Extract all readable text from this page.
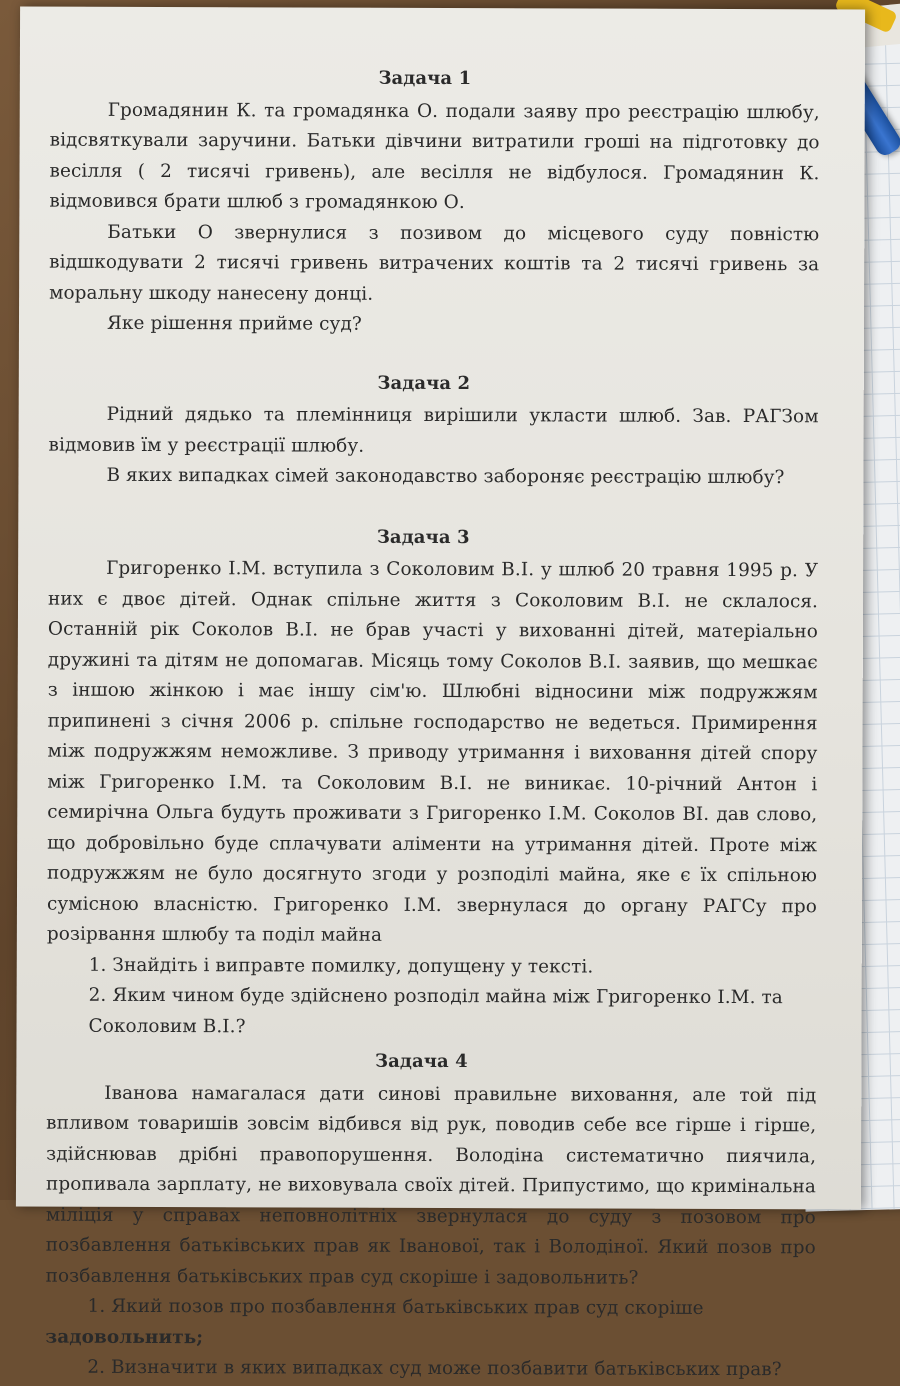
Задача 1

Громадянин К. та громадянка О. подали заяву про реєстрацію шлюбу, відсвяткували заручини. Батьки дівчини витратили гроші на підготовку до весілля ( 2 тисячі гривень), але весілля не відбулося. Громадянин К. відмовився брати шлюб з громадянкою О.

Батьки О звернулися з позивом до місцевого суду повністю відшкодувати 2 тисячі гривень витрачених коштів та 2 тисячі гривень за моральну шкоду нанесену донці.

Яке рішення прийме суд?

Задача 2

Рідний дядько та племінниця вирішили укласти шлюб. Зав. РАГЗом відмовив їм у реєстрації шлюбу.

В яких випадках сімей законодавство забороняє реєстрацію шлюбу?

Задача 3

Григоренко І.М. вступила з Соколовим В.І. у шлюб 20 травня 1995 р. У них є двоє дітей. Однак спільне життя з Соколовим В.І. не склалося. Останній рік Соколов В.І. не брав участі у вихованні дітей, матеріально дружині та дітям не допомагав. Місяць тому Соколов В.І. заявив, що мешкає з іншою жінкою і має іншу сім'ю. Шлюбні відносини між подружжям припинені з січня 2006 р. спільне господарство не ведеться. Примирення між подружжям неможливе. З приводу утримання і виховання дітей спору між Григоренко І.М. та Соколовим В.І. не виникає. 10-річний Антон і семирічна Ольга будуть проживати з Григоренко І.М. Соколов ВІ. дав слово, що добровільно буде сплачувати аліменти на утримання дітей. Проте між подружжям не було досягнуто згоди у розподілі майна, яке є їх спільною сумісною власністю. Григоренко І.М. звернулася до органу РАГСу про розірвання шлюбу та поділ майна

1. Знайдіть і виправте помилку, допущену у тексті.

2. Яким чином буде здійснено розподіл майна між Григоренко І.М. та Соколовим В.І.?

Задача 4

Іванова намагалася дати синові правильне виховання, але той під впливом товаришів зовсім відбився від рук, поводив себе все гірше і гірше, здійснював дрібні правопорушення. Володіна систематично пиячила, пропивала зарплату, не виховувала своїх дітей. Припустимо, що кримінальна міліція у справах неповнолітніх звернулася до суду з позовом про позбавлення батьківських прав як Іванової, так і Володіної. Який позов про позбавлення батьківських прав суд скоріше і задовольнить?

1. Який позов про позбавлення батьківських прав суд скоріше

задовольнить;

2. Визначити в яких випадках суд може позбавити батьківських прав?
